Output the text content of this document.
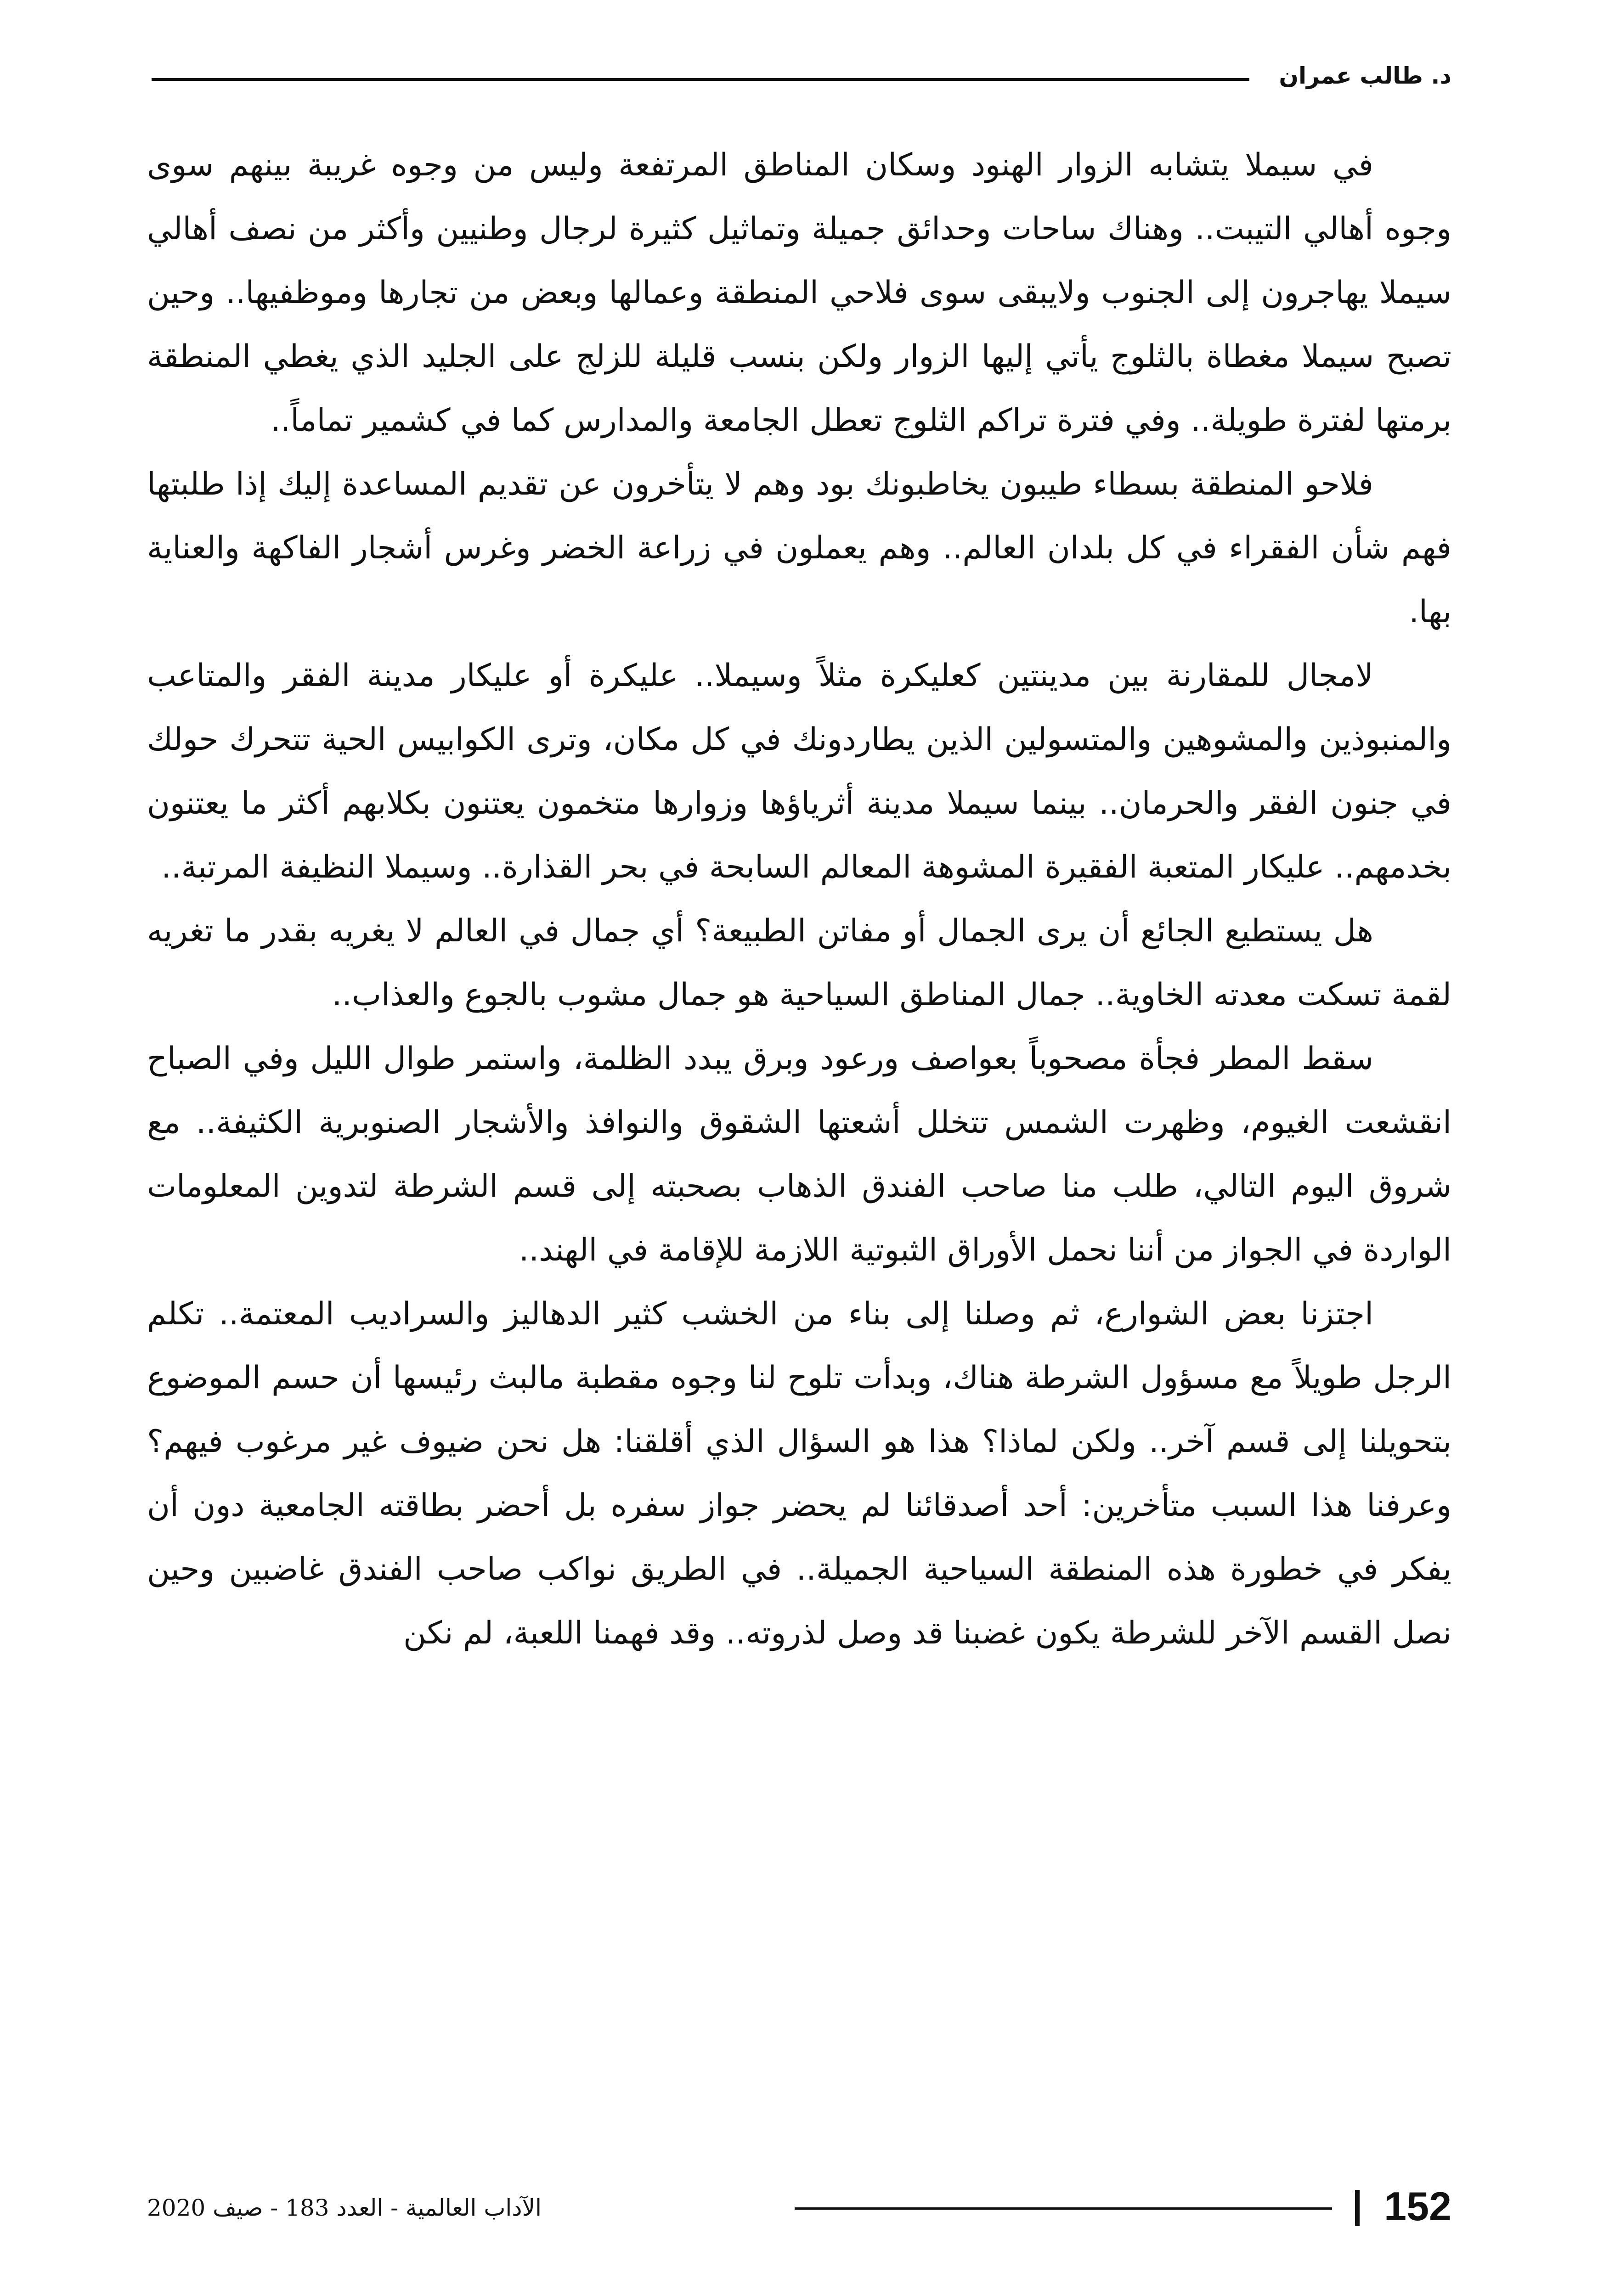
د. طالب عمران

في سيملا يتشابه الزوار الهنود وسكان المناطق المرتفعة وليس من وجوه غريبة بينهم سوى وجوه أهالي التيبت.. وهناك ساحات وحدائق جميلة وتماثيل كثيرة لرجال وطنيين وأكثر من نصف أهالي سيملا يهاجرون إلى الجنوب ولايبقى سوى فلاحي المنطقة وعمالها وبعض من تجارها وموظفيها.. وحين تصبح سيملا مغطاة بالثلوج يأتي إليها الزوار ولكن بنسب قليلة للزلج على الجليد الذي يغطي المنطقة برمتها لفترة طويلة.. وفي فترة تراكم الثلوج تعطل الجامعة والمدارس كما في كشمير تماماً..

فلاحو المنطقة بسطاء طيبون يخاطبونك بود وهم لا يتأخرون عن تقديم المساعدة إليك إذا طلبتها فهم شأن الفقراء في كل بلدان العالم.. وهم يعملون في زراعة الخضر وغرس أشجار الفاكهة والعناية بها.

لامجال للمقارنة بين مدينتين كعليكرة مثلاً وسيملا.. عليكرة أو عليكار مدينة الفقر والمتاعب والمنبوذين والمشوهين والمتسولين الذين يطاردونك في كل مكان، وترى الكوابيس الحية تتحرك حولك في جنون الفقر والحرمان.. بينما سيملا مدينة أثرياؤها وزوارها متخمون يعتنون بكلابهم أكثر ما يعتنون بخدمهم.. عليكار المتعبة الفقيرة المشوهة المعالم السابحة في بحر القذارة.. وسيملا النظيفة المرتبة..

هل يستطيع الجائع أن يرى الجمال أو مفاتن الطبيعة؟ أي جمال في العالم لا يغريه بقدر ما تغريه لقمة تسكت معدته الخاوية.. جمال المناطق السياحية هو جمال مشوب بالجوع والعذاب..

سقط المطر فجأة مصحوباً بعواصف ورعود وبرق يبدد الظلمة، واستمر طوال الليل وفي الصباح انقشعت الغيوم، وظهرت الشمس تتخلل أشعتها الشقوق والنوافذ والأشجار الصنوبرية الكثيفة.. مع شروق اليوم التالي، طلب منا صاحب الفندق الذهاب بصحبته إلى قسم الشرطة لتدوين المعلومات الواردة في الجواز من أننا نحمل الأوراق الثبوتية اللازمة للإقامة في الهند..

اجتزنا بعض الشوارع، ثم وصلنا إلى بناء من الخشب كثير الدهاليز والسراديب المعتمة.. تكلم الرجل طويلاً مع مسؤول الشرطة هناك، وبدأت تلوح لنا وجوه مقطبة مالبث رئيسها أن حسم الموضوع بتحويلنا إلى قسم آخر.. ولكن لماذا؟ هذا هو السؤال الذي أقلقنا: هل نحن ضيوف غير مرغوب فيهم؟ وعرفنا هذا السبب متأخرين: أحد أصدقائنا لم يحضر جواز سفره بل أحضر بطاقته الجامعية دون أن يفكر في خطورة هذه المنطقة السياحية الجميلة.. في الطريق نواكب صاحب الفندق غاضبين وحين نصل القسم الآخر للشرطة يكون غضبنا قد وصل لذروته.. وقد فهمنا اللعبة، لم نكن

152
الآداب العالمية - العدد 183 - صيف 2020
